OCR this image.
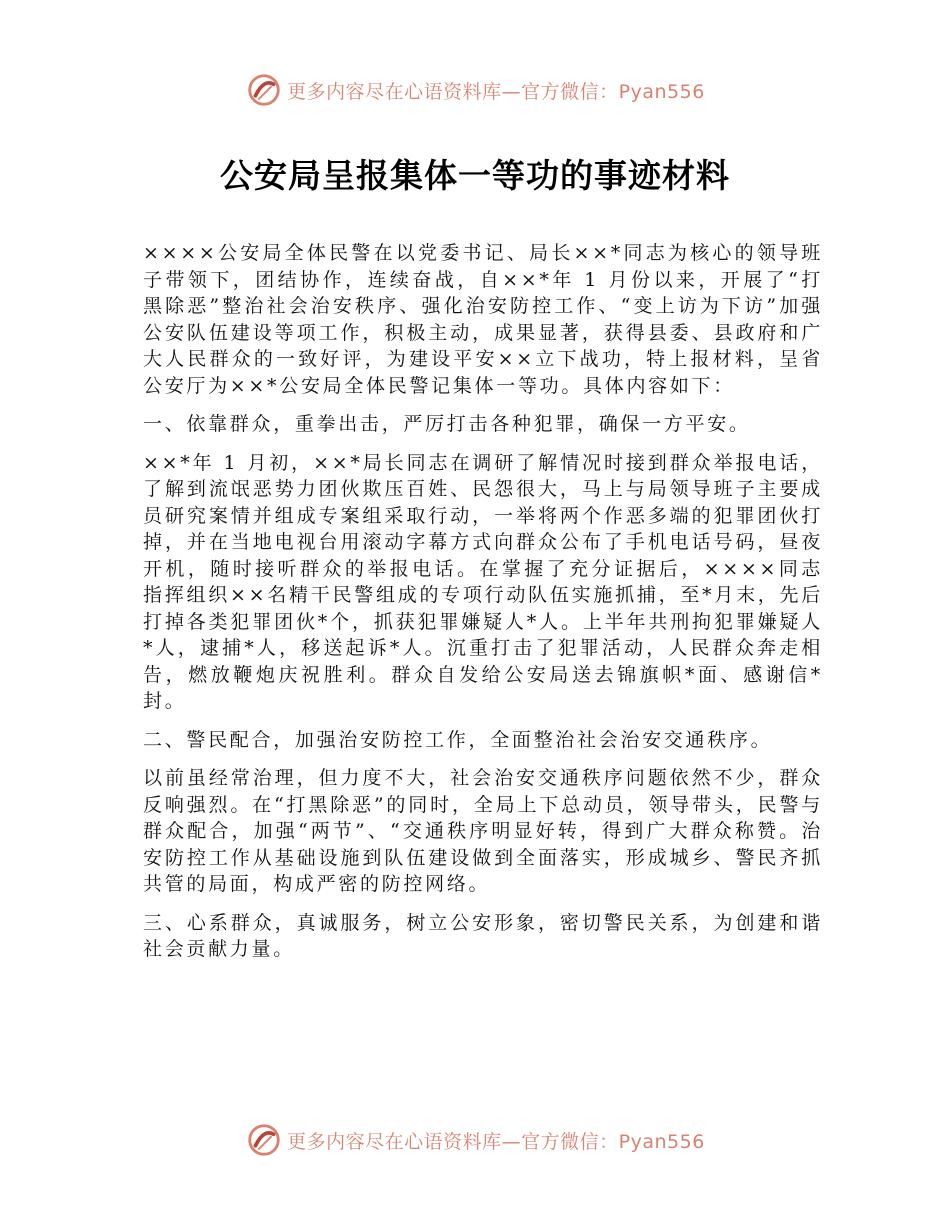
更多内容尽在心语资料库—官方微信：Pyan556
公安局呈报集体一等功的事迹材料

××××公安局全体民警在以党委书记、局长××*同志为核心的领导班子带领下，团结协作，连续奋战，自××*年 1 月份以来，开展了“打黑除恶”整治社会治安秩序、强化治安防控工作、“变上访为下访”加强公安队伍建设等项工作，积极主动，成果显著，获得县委、县政府和广大人民群众的一致好评，为建设平安××立下战功，特上报材料，呈省公安厅为××*公安局全体民警记集体一等功。具体内容如下：

一、依靠群众，重拳出击，严厉打击各种犯罪，确保一方平安。

××*年 1 月初，××*局长同志在调研了解情况时接到群众举报电话，了解到流氓恶势力团伙欺压百姓、民怨很大，马上与局领导班子主要成员研究案情并组成专案组采取行动，一举将两个作恶多端的犯罪团伙打掉，并在当地电视台用滚动字幕方式向群众公布了手机电话号码，昼夜开机，随时接听群众的举报电话。在掌握了充分证据后，××××同志指挥组织××名精干民警组成的专项行动队伍实施抓捕，至*月末，先后打掉各类犯罪团伙*个，抓获犯罪嫌疑人*人。上半年共刑拘犯罪嫌疑人*人，逮捕*人，移送起诉*人。沉重打击了犯罪活动，人民群众奔走相告，燃放鞭炮庆祝胜利。群众自发给公安局送去锦旗帜*面、感谢信*封。

二、警民配合，加强治安防控工作，全面整治社会治安交通秩序。

以前虽经常治理，但力度不大，社会治安交通秩序问题依然不少，群众反响强烈。在“打黑除恶”的同时，全局上下总动员，领导带头，民警与群众配合，加强“两节”、“交通秩序明显好转，得到广大群众称赞。治安防控工作从基础设施到队伍建设做到全面落实，形成城乡、警民齐抓共管的局面，构成严密的防控网络。

三、心系群众，真诚服务，树立公安形象，密切警民关系，为创建和谐社会贡献力量。

更多内容尽在心语资料库—官方微信：Pyan556
